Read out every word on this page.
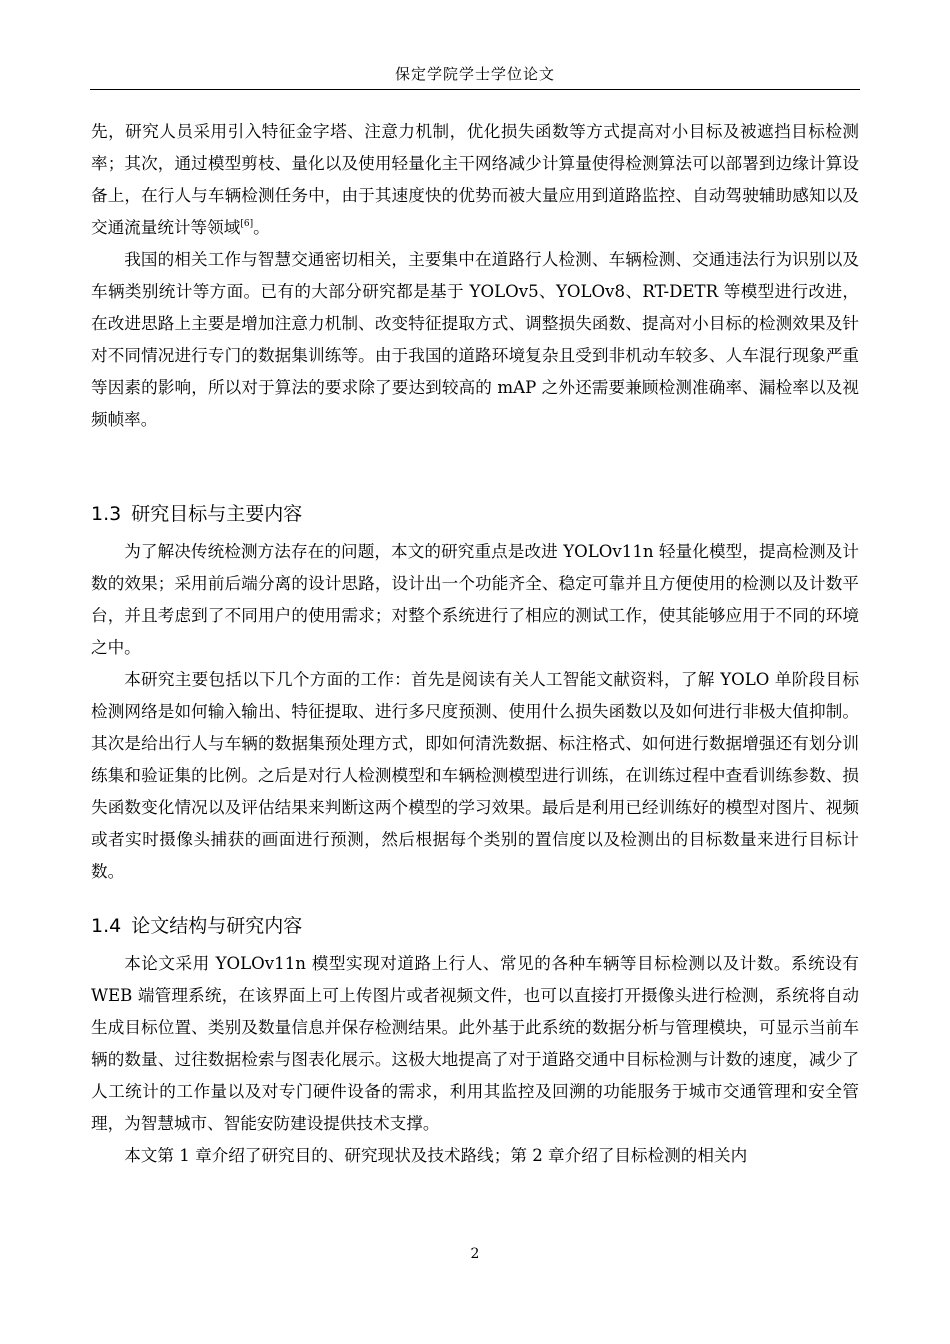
保定学院学士学位论文

先，研究人员采用引入特征金字塔、注意力机制，优化损失函数等方式提高对小目标及被遮挡目标检测率；其次，通过模型剪枝、量化以及使用轻量化主干网络减少计算量使得检测算法可以部署到边缘计算设备上，在行人与车辆检测任务中，由于其速度快的优势而被大量应用到道路监控、自动驾驶辅助感知以及交通流量统计等领域[6]。

我国的相关工作与智慧交通密切相关，主要集中在道路行人检测、车辆检测、交通违法行为识别以及车辆类别统计等方面。已有的大部分研究都是基于 YOLOv5、YOLOv8、RT-DETR 等模型进行改进，在改进思路上主要是增加注意力机制、改变特征提取方式、调整损失函数、提高对小目标的检测效果及针对不同情况进行专门的数据集训练等。由于我国的道路环境复杂且受到非机动车较多、人车混行现象严重等因素的影响，所以对于算法的要求除了要达到较高的 mAP 之外还需要兼顾检测准确率、漏检率以及视频帧率。

1.3 研究目标与主要内容

为了解决传统检测方法存在的问题，本文的研究重点是改进 YOLOv11n 轻量化模型，提高检测及计数的效果；采用前后端分离的设计思路，设计出一个功能齐全、稳定可靠并且方便使用的检测以及计数平台，并且考虑到了不同用户的使用需求；对整个系统进行了相应的测试工作，使其能够应用于不同的环境之中。

本研究主要包括以下几个方面的工作：首先是阅读有关人工智能文献资料，了解 YOLO 单阶段目标检测网络是如何输入输出、特征提取、进行多尺度预测、使用什么损失函数以及如何进行非极大值抑制。其次是给出行人与车辆的数据集预处理方式，即如何清洗数据、标注格式、如何进行数据增强还有划分训练集和验证集的比例。之后是对行人检测模型和车辆检测模型进行训练，在训练过程中查看训练参数、损失函数变化情况以及评估结果来判断这两个模型的学习效果。最后是利用已经训练好的模型对图片、视频或者实时摄像头捕获的画面进行预测，然后根据每个类别的置信度以及检测出的目标数量来进行目标计数。

1.4 论文结构与研究内容

本论文采用 YOLOv11n 模型实现对道路上行人、常见的各种车辆等目标检测以及计数。系统设有 WEB 端管理系统，在该界面上可上传图片或者视频文件，也可以直接打开摄像头进行检测，系统将自动生成目标位置、类别及数量信息并保存检测结果。此外基于此系统的数据分析与管理模块，可显示当前车辆的数量、过往数据检索与图表化展示。这极大地提高了对于道路交通中目标检测与计数的速度，减少了人工统计的工作量以及对专门硬件设备的需求，利用其监控及回溯的功能服务于城市交通管理和安全管理，为智慧城市、智能安防建设提供技术支撑。

本文第 1 章介绍了研究目的、研究现状及技术路线；第 2 章介绍了目标检测的相关内

2
